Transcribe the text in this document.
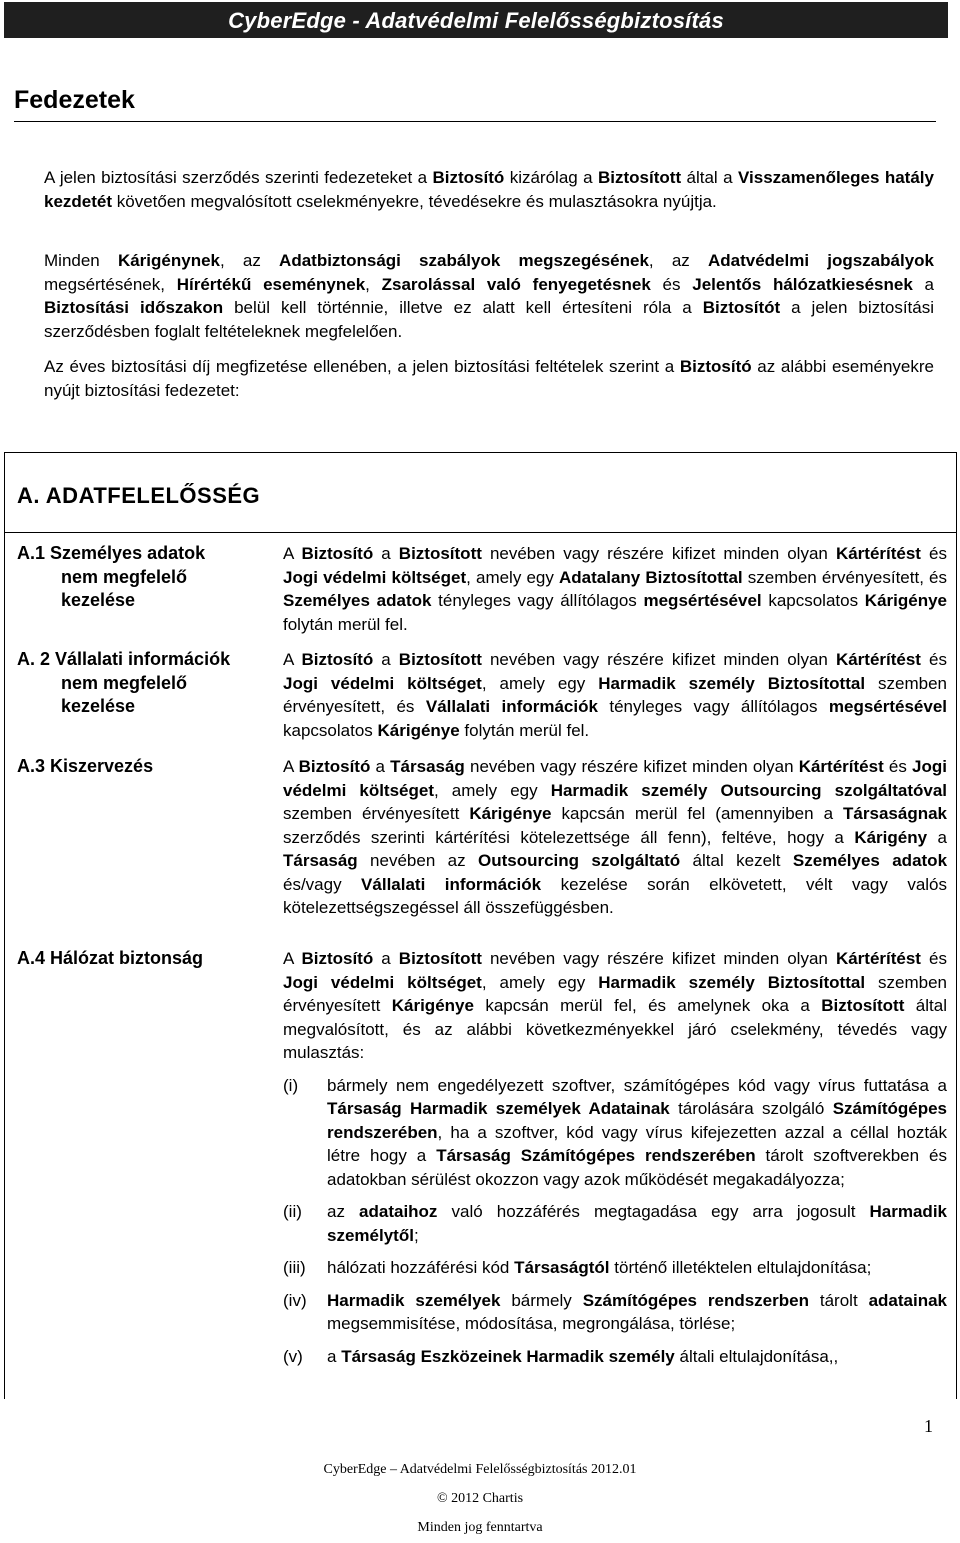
CyberEdge - Adatvédelmi Felelősségbiztosítás
Fedezetek
A jelen biztosítási szerződés szerinti fedezeteket a Biztosító kizárólag a Biztosított által a Visszamenőleges hatály kezdetét követően megvalósított cselekményekre, tévedésekre és mulasztásokra nyújtja.
Minden Kárigénynek, az Adatbiztonsági szabályok megszegésének, az Adatvédelmi jogszabályok megsértésének, Hírértékű eseménynek, Zsarolással való fenyegetésnek és Jelentős hálózatkiesésnek a Biztosítási időszakon belül kell történnie, illetve ez alatt kell értesíteni róla a Biztosítót a jelen biztosítási szerződésben foglalt feltételeknek megfelelően.
Az éves biztosítási díj megfizetése ellenében, a jelen biztosítási feltételek szerint a Biztosító az alábbi eseményekre nyújt biztosítási fedezetet:
A. ADATFELELŐSSÉG
A.1 Személyes adatok
nem megfelelő kezelése
A Biztosító a Biztosított nevében vagy részére kifizet minden olyan Kártérítést és Jogi védelmi költséget, amely egy Adatalany Biztosítottal szemben érvényesített, és Személyes adatok tényleges vagy állítólagos megsértésével kapcsolatos Kárigénye folytán merül fel.
A. 2 Vállalati információk
nem megfelelő kezelése
A Biztosító a Biztosított nevében vagy részére kifizet minden olyan Kártérítést és Jogi védelmi költséget, amely egy Harmadik személy Biztosítottal szemben érvényesített, és Vállalati információk tényleges vagy állítólagos megsértésével kapcsolatos Kárigénye folytán merül fel.
A.3 Kiszervezés	A Biztosító a Társaság nevében vagy részére kifizet minden olyan Kártérítést és Jogi védelmi költséget, amely egy Harmadik személy Outsourcing szolgáltatóval szemben érvényesített Kárigénye kapcsán merül fel (amennyiben a Társaságnak szerződés szerinti kártérítési kötelezettsége áll fenn), feltéve, hogy a Kárigény a Társaság nevében az Outsourcing szolgáltató által kezelt Személyes adatok és/vagy Vállalati információk kezelése során elkövetett, vélt vagy valós kötelezettségszegéssel áll összefüggésben.
A.4 Hálózat biztonság	A Biztosító a Biztosított nevében vagy részére kifizet minden olyan Kártérítést és Jogi védelmi költséget, amely egy Harmadik személy Biztosítottal szemben érvényesített Kárigénye kapcsán merül fel, és amelynek oka a Biztosított által megvalósított, és az alábbi következményekkel járó cselekmény, tévedés vagy mulasztás:
(i) bármely nem engedélyezett szoftver, számítógépes kód vagy vírus futtatása a Társaság Harmadik személyek Adatainak tárolására szolgáló Számítógépes rendszerében, ha a szoftver, kód vagy vírus kifejezetten azzal a céllal hozták létre hogy a Társaság Számítógépes rendszerében tárolt szoftverekben és adatokban sérülést okozzon vagy azok működését megakadályozza;
(ii) az adataihoz való hozzáférés megtagadása egy arra jogosult Harmadik személytől;
(iii) hálózati hozzáférési kód Társaságtól történő illetéktelen eltulajdonítása;
(iv) Harmadik személyek bármely Számítógépes rendszerben tárolt adatainak megsemmisítése, módosítása, megrongálása, törlése;
(v) a Társaság Eszközeinek Harmadik személy általi eltulajdonítása,,
1
CyberEdge – Adatvédelmi Felelősségbiztosítás 2012.01
© 2012 Chartis
Minden jog fenntartva
